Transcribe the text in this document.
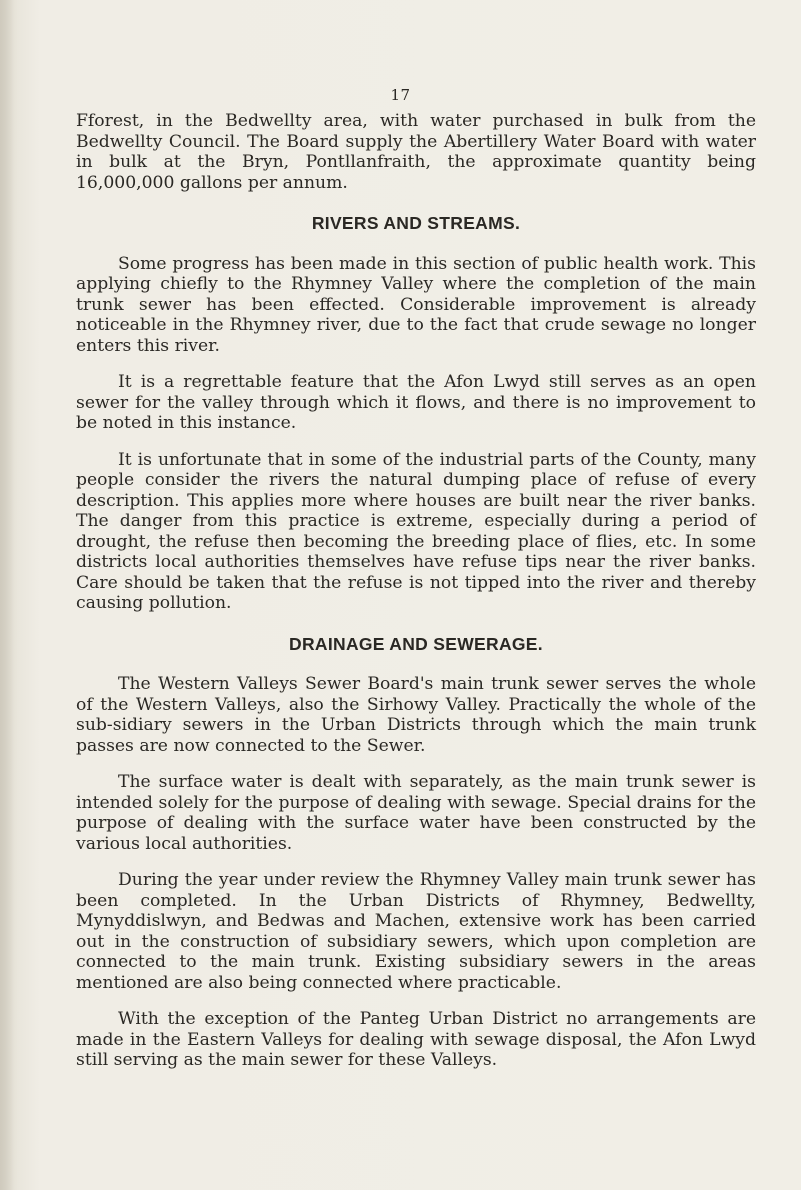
17

Fforest, in the Bedwellty area, with water purchased in bulk from the Bedwellty Council. The Board supply the Abertillery Water Board with water in bulk at the Bryn, Pontllanfraith, the approximate quantity being 16,000,000 gallons per annum.

RIVERS AND STREAMS.

Some progress has been made in this section of public health work. This applying chiefly to the Rhymney Valley where the completion of the main trunk sewer has been effected. Considerable improvement is already noticeable in the Rhymney river, due to the fact that crude sewage no longer enters this river.

It is a regrettable feature that the Afon Lwyd still serves as an open sewer for the valley through which it flows, and there is no improvement to be noted in this instance.

It is unfortunate that in some of the industrial parts of the County, many people consider the rivers the natural dumping place of refuse of every description. This applies more where houses are built near the river banks. The danger from this practice is extreme, especially during a period of drought, the refuse then becoming the breeding place of flies, etc. In some districts local authorities themselves have refuse tips near the river banks. Care should be taken that the refuse is not tipped into the river and thereby causing pollution.

DRAINAGE AND SEWERAGE.

The Western Valleys Sewer Board's main trunk sewer serves the whole of the Western Valleys, also the Sirhowy Valley. Practically the whole of the sub-sidiary sewers in the Urban Districts through which the main trunk passes are now connected to the Sewer.

The surface water is dealt with separately, as the main trunk sewer is intended solely for the purpose of dealing with sewage. Special drains for the purpose of dealing with the surface water have been constructed by the various local authorities.

During the year under review the Rhymney Valley main trunk sewer has been completed. In the Urban Districts of Rhymney, Bedwellty, Mynyddislwyn, and Bedwas and Machen, extensive work has been carried out in the construction of subsidiary sewers, which upon completion are connected to the main trunk. Existing subsidiary sewers in the areas mentioned are also being connected where practicable.

With the exception of the Panteg Urban District no arrangements are made in the Eastern Valleys for dealing with sewage disposal, the Afon Lwyd still serving as the main sewer for these Valleys.
